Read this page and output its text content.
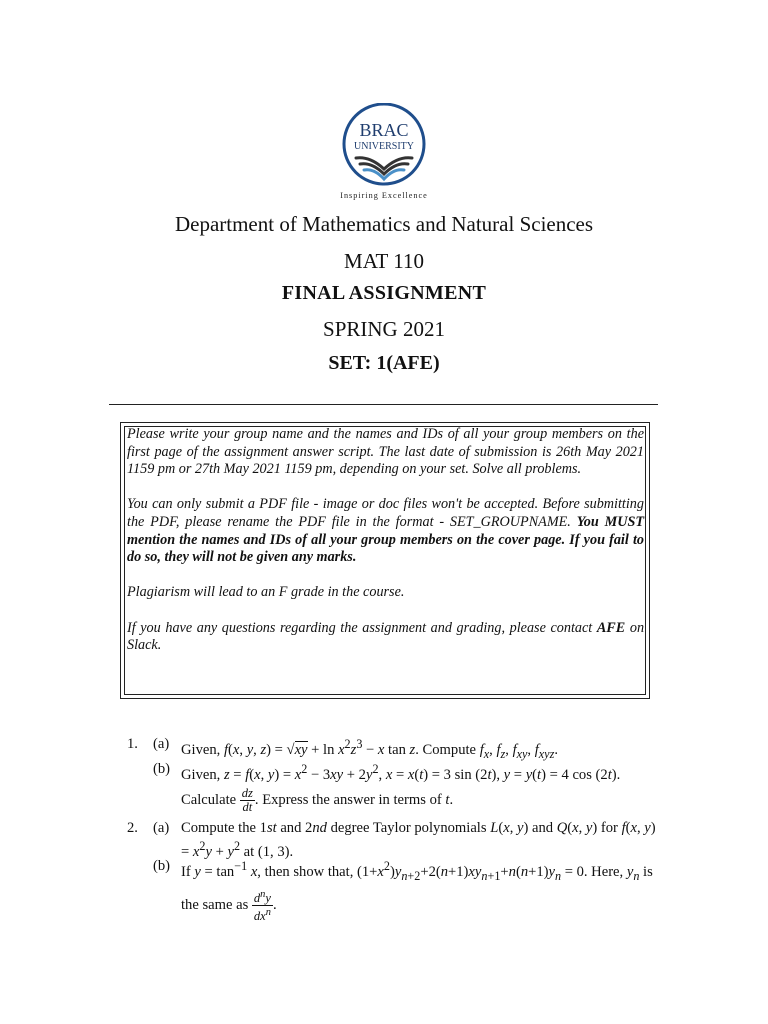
BRAC
UNIVERSITY
Inspiring Excellence
Department of Mathematics and Natural Sciences
MAT 110
FINAL ASSIGNMENT
SPRING 2021
SET: 1(AFE)

Please write your group name and the names and IDs of all your group members on the first page of the assignment answer script. The last date of submission is 26th May 2021 1159 pm or 27th May 2021 1159 pm, depending on your set. Solve all problems.

You can only submit a PDF file - image or doc files won't be accepted. Before submitting the PDF, please rename the PDF file in the format - SET_GROUPNAME. You MUST mention the names and IDs of all your group members on the cover page. If you fail to do so, they will not be given any marks.

Plagiarism will lead to an F grade in the course.

If you have any questions regarding the assignment and grading, please contact AFE on Slack.

1. (a) Given, f(x, y, $z) = √xy + \ln x^2z^3 - x$ tan z. Compute $f_x$, $f_z$, $f_{xy}$, $f_{xyz}$.
(b) Given, z = f(x, $y) = x^2 - 3xy + 2y^2$, x = x(t) = 3 sin (2t), y = y(t) = 4 cos (2t). Calculate $\frac{dz}{dt}$ . Express the answer in terms of t.
2. (a) Compute the 1st and 2nd degree Taylor polynomials L(x, y) and Q(x, y) for f(x, $y) = x^2y + y^2$ at (1, 3).
(b) If $y = \tan^{-1} x$, then show that, $(1+x^2)y_{n+2}+2(n+1)xy_{n+1}+n(n+1)y_n = 0$. Here, $y_n$ is the same as $\frac{d^ny}{dx^n}$ .
